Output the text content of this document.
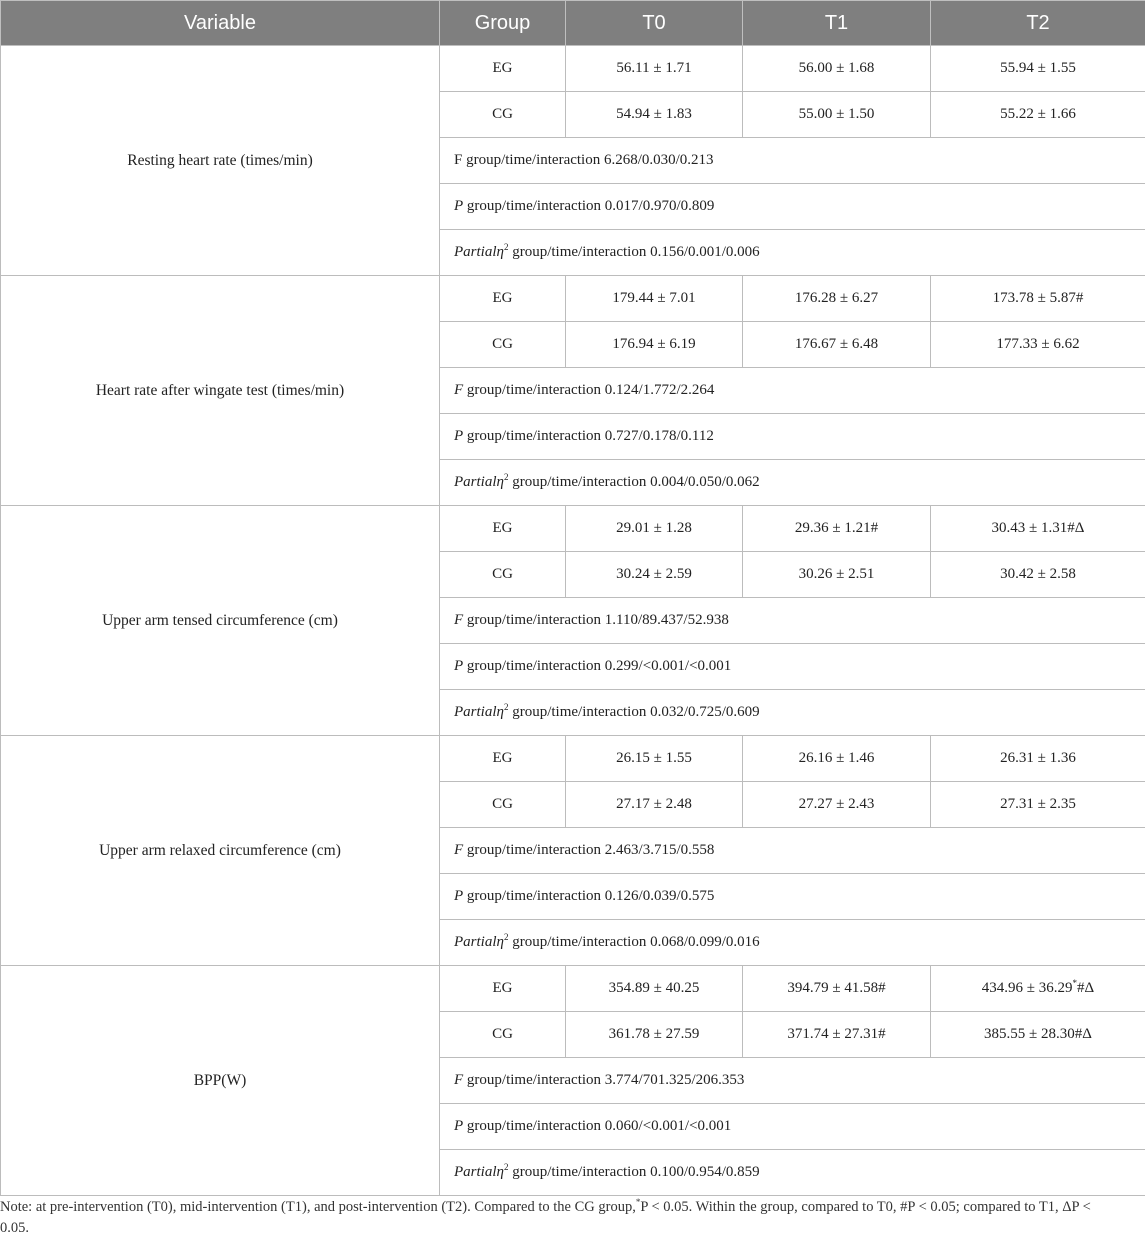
Variable	Group	T0	T1	T2
Resting heart rate (times/min)	EG	56.11 ± 1.71	56.00 ± 1.68	55.94 ± 1.55
	CG	54.94 ± 1.83	55.00 ± 1.50	55.22 ± 1.66
	F group/time/interaction 6.268/0.030/0.213			
	P group/time/interaction 0.017/0.970/0.809			
	Partialη$^2$ group/time/interaction 0.156/0.001/0.006			
Heart rate after wingate test (times/min)	EG	179.44 ± 7.01	176.28 ± 6.27	173.78 ± 5.87#
	CG	176.94 ± 6.19	176.67 ± 6.48	177.33 ± 6.62
	F group/time/interaction 0.124/1.772/2.264			
	P group/time/interaction 0.727/0.178/0.112			
	Partialη$^2$ group/time/interaction 0.004/0.050/0.062			
Upper arm tensed circumference (cm)	EG	29.01 ± 1.28	29.36 ± 1.21#	30.43 ± 1.31#Δ
	CG	30.24 ± 2.59	30.26 ± 2.51	30.42 ± 2.58
	F group/time/interaction 1.110/89.437/52.938			
	P group/time/interaction 0.299/<0.001/<0.001			
	Partialη$^2$ group/time/interaction 0.032/0.725/0.609			
Upper arm relaxed circumference (cm)	EG	26.15 ± 1.55	26.16 ± 1.46	26.31 ± 1.36
	CG	27.17 ± 2.48	27.27 ± 2.43	27.31 ± 2.35
	F group/time/interaction 2.463/3.715/0.558			
	P group/time/interaction 0.126/0.039/0.575			
	Partialη$^2$ group/time/interaction 0.068/0.099/0.016			
BPP(W)	EG	354.89 ± 40.25	394.79 ± 41.58#	434.96 ± 36.29*#Δ
	CG	361.78 ± 27.59	371.74 ± 27.31#	385.55 ± 28.30#Δ
	F group/time/interaction 3.774/701.325/206.353			
	P group/time/interaction 0.060/<0.001/<0.001			
	Partialη$^2$ group/time/interaction 0.100/0.954/0.859			
Note: at pre-intervention (T0), mid-intervention (T1), and post-intervention (T2). Compared to the CG group,*P < 0.05. Within the group, compared to T0, #P < 0.05; compared to T1, ΔP < 0.05.
